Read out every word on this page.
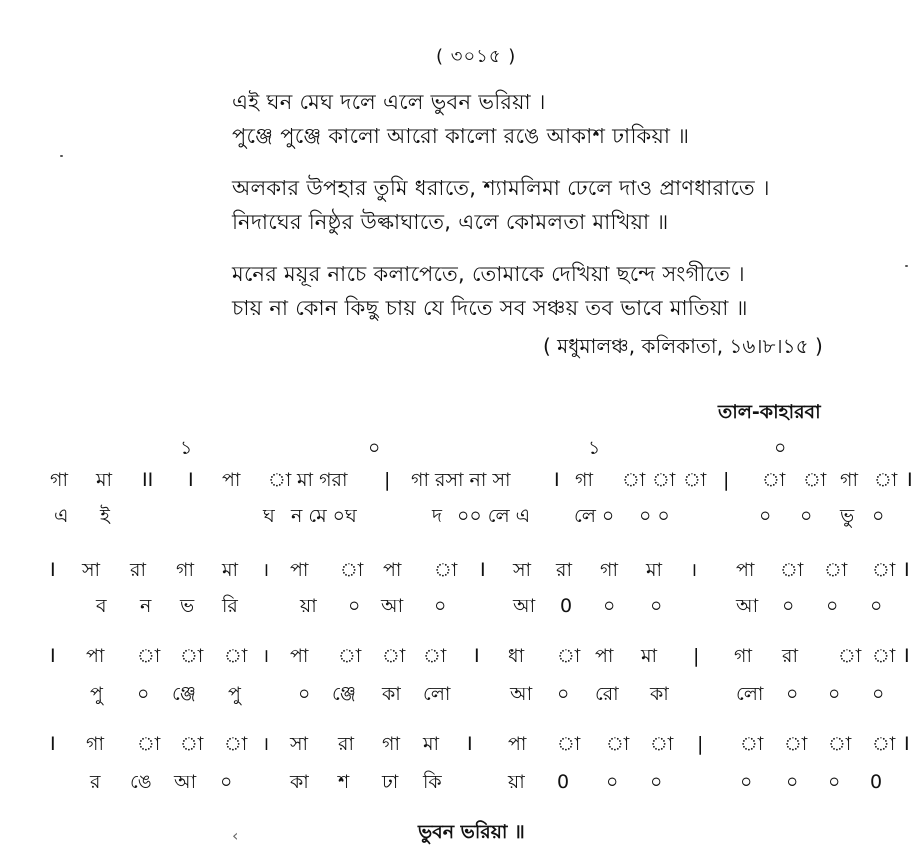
( ৩০১৫ )
এই ঘন মেঘ দলে এলে ভুবন ভরিয়া ।
পুঞ্জে পুঞ্জে কালো আরো কালো রঙে আকাশ ঢাকিয়া ॥
অলকার উপহার তুমি ধরাতে, শ্যামলিমা ঢেলে দাও প্রাণধারাতে ।
নিদাঘের নিষ্ঠুর উল্কাঘাতে, এলে কোমলতা মাখিয়া ॥
মনের ময়ূর নাচে কলাপেতে, তোমাকে দেখিয়া ছন্দে সংগীতে ।
চায় না কোন কিছু চায় যে দিতে সব সঞ্চয় তব ভাবে মাতিয়া ॥
( মধুমালঞ্চ, কলিকাতা, ১৬।৮।১৫ )
তাল-কাহারবা
১	০	১	০
গা মা II I পা া মা গরা | গা রসা না সা I গা া া া | া া গা া I
এ ই	ঘ ন মে ০ঘ	দ ০০ লে এ লে ০ ০ ০	০ ০ ভু ০
I সা রা গা মা । পা া পা া I সা রা গা মা । পা া া া I
ব ন ভ রি	য়া ০ আ ০	আ 0 ০ ০	আ ০ ০ ০
I পা া া া । পা া া া I ধা া পা মা | গা রা া া I
পু ০ ঞ্জে পু	০ ঞ্জে কা লো	আ ০ রো কা	লো ০ ০ ০
I গা া া া । সা রা গা মা I পা া া া | া া া া I
র ঙে আ ০	কা শ ঢা কি	য়া 0 ০ ০	০ ০ ০ 0
ভুবন ভরিয়া ॥
‹
